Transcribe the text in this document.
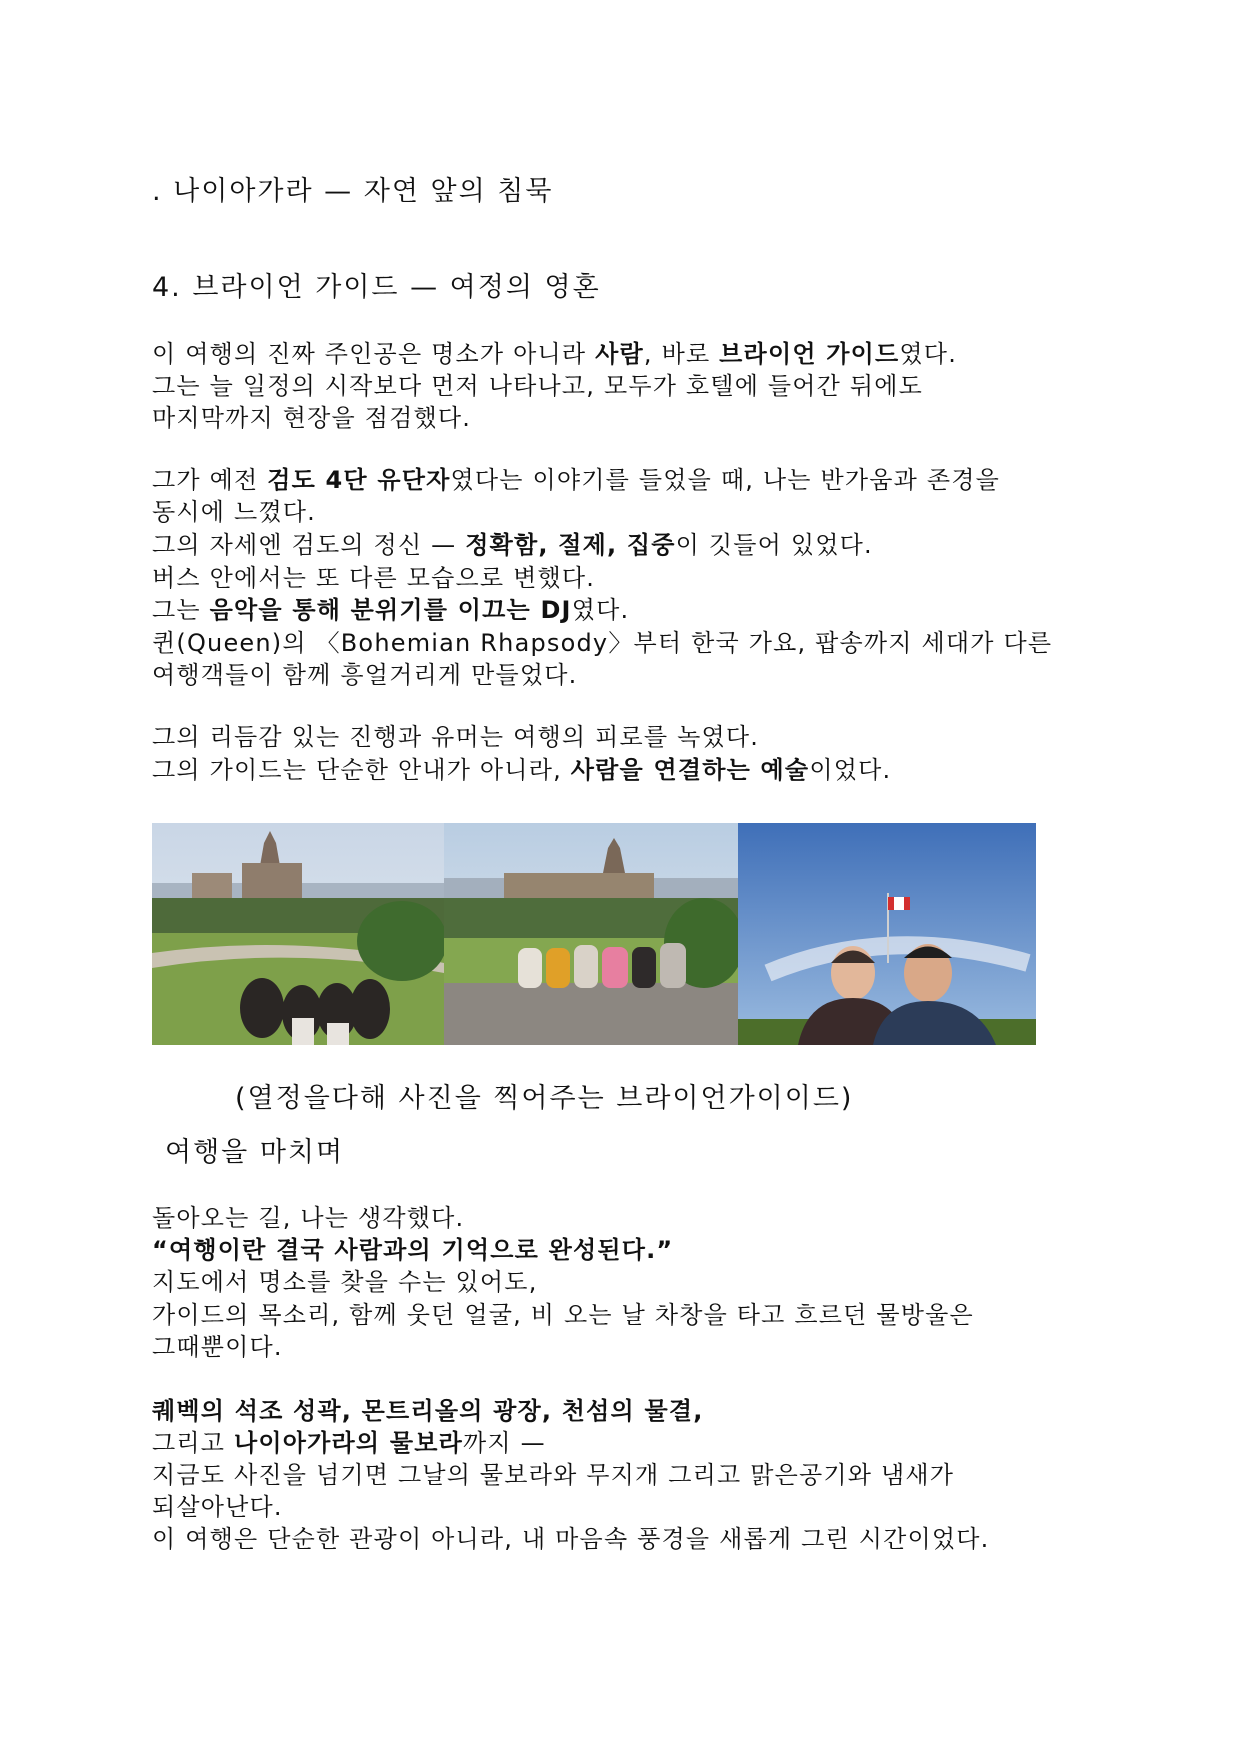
. 나이아가라 — 자연 앞의 침묵
4. 브라이언 가이드 — 여정의 영혼
이 여행의 진짜 주인공은 명소가 아니라 사람, 바로 브라이언 가이드였다.
그는 늘 일정의 시작보다 먼저 나타나고, 모두가 호텔에 들어간 뒤에도
마지막까지 현장을 점검했다.
그가 예전 검도 4단 유단자였다는 이야기를 들었을 때, 나는 반가움과 존경을
동시에 느꼈다.
그의 자세엔 검도의 정신 — 정확함, 절제, 집중이 깃들어 있었다.
버스 안에서는 또 다른 모습으로 변했다.
그는 음악을 통해 분위기를 이끄는 DJ였다.
퀸(Queen)의 〈Bohemian Rhapsody〉부터 한국 가요, 팝송까지 세대가 다른
여행객들이 함께 흥얼거리게 만들었다.
그의 리듬감 있는 진행과 유머는 여행의 피로를 녹였다.
그의 가이드는 단순한 안내가 아니라, 사람을 연결하는 예술이었다.
(열정을다해 사진을 찍어주는 브라이언가이이드)
여행을 마치며
돌아오는 길, 나는 생각했다.
“여행이란 결국 사람과의 기억으로 완성된다.”
지도에서 명소를 찾을 수는 있어도,
가이드의 목소리, 함께 웃던 얼굴, 비 오는 날 차창을 타고 흐르던 물방울은
그때뿐이다.
퀘벡의 석조 성곽, 몬트리올의 광장, 천섬의 물결,
그리고 나이아가라의 물보라까지 —
지금도 사진을 넘기면 그날의 물보라와 무지개 그리고 맑은공기와 냄새가
되살아난다.
이 여행은 단순한 관광이 아니라, 내 마음속 풍경을 새롭게 그린 시간이었다.
